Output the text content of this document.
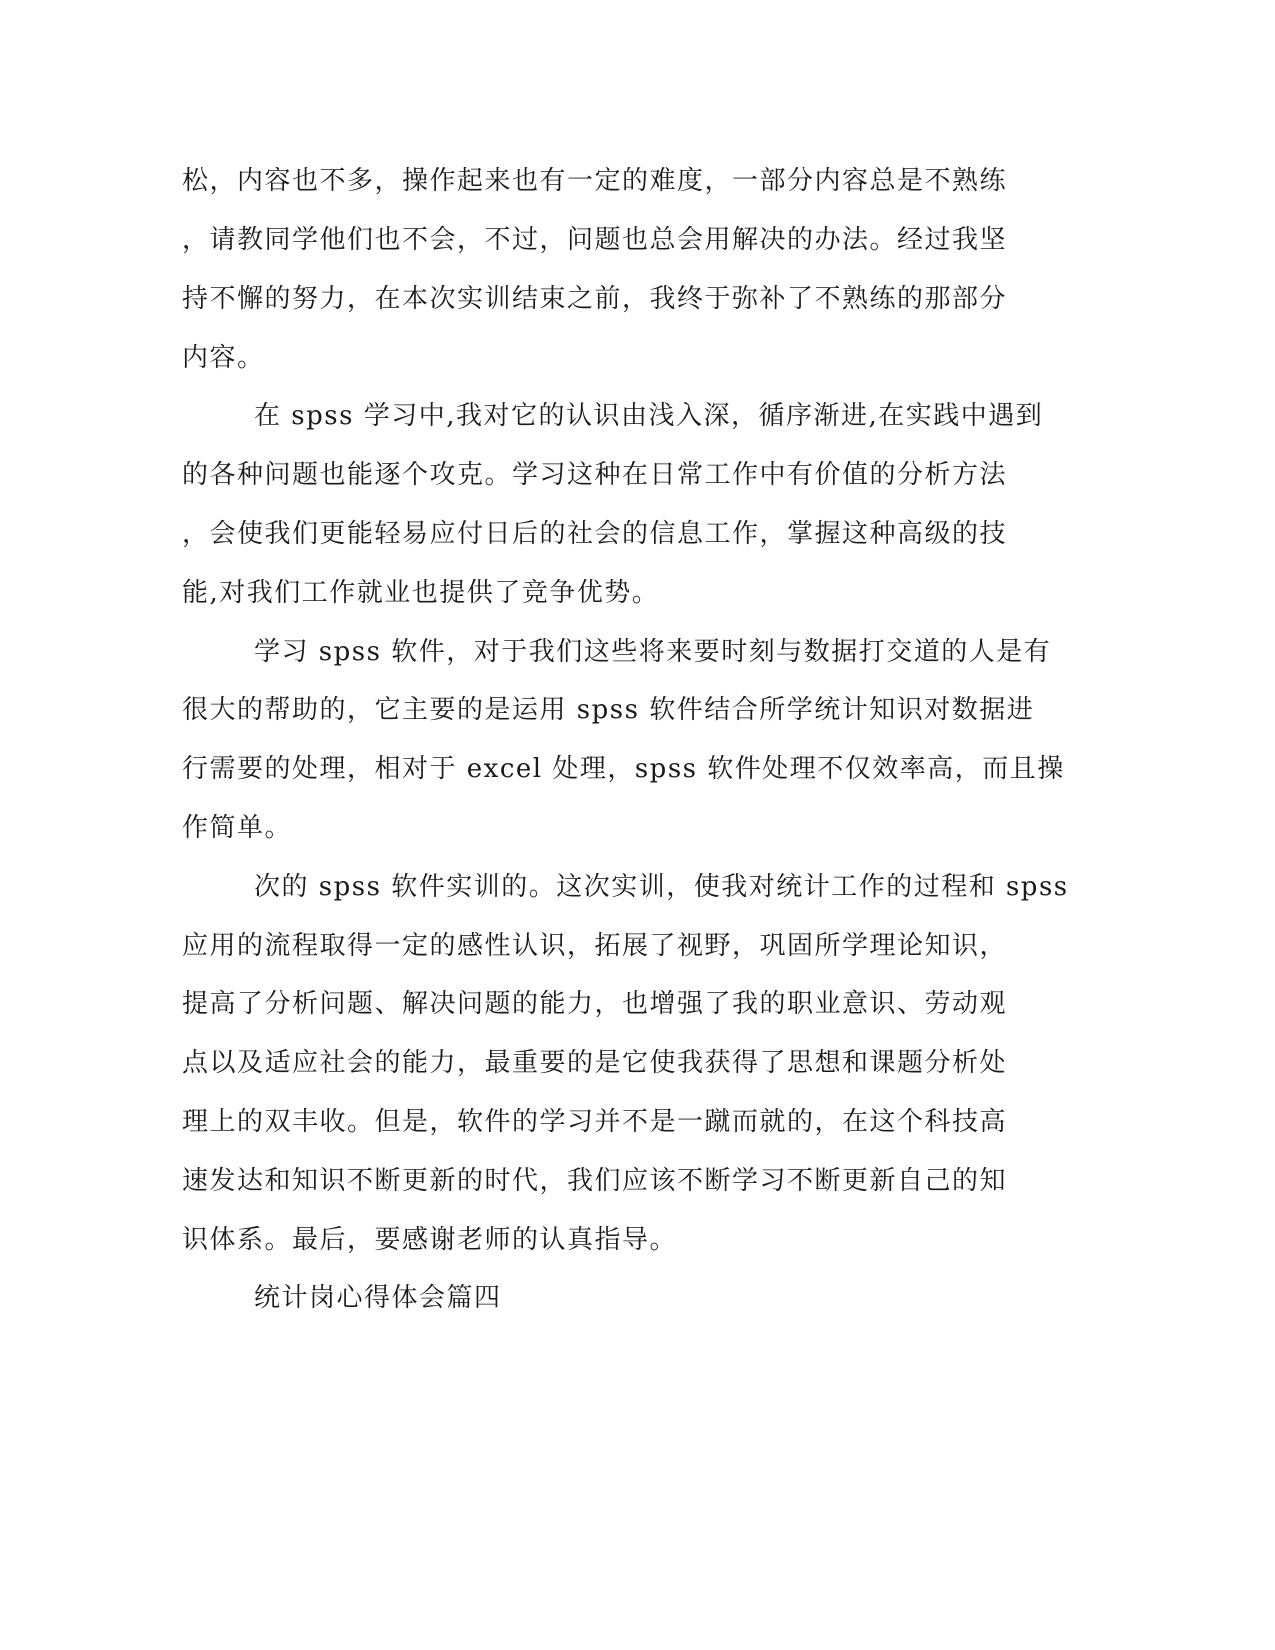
松，内容也不多，操作起来也有一定的难度，一部分内容总是不熟练
，请教同学他们也不会，不过，问题也总会用解决的办法。经过我坚
持不懈的努力，在本次实训结束之前，我终于弥补了不熟练的那部分
内容。
在 spss 学习中,我对它的认识由浅入深，循序渐进,在实践中遇到
的各种问题也能逐个攻克。学习这种在日常工作中有价值的分析方法
，会使我们更能轻易应付日后的社会的信息工作，掌握这种高级的技
能,对我们工作就业也提供了竞争优势。
学习 spss 软件，对于我们这些将来要时刻与数据打交道的人是有
很大的帮助的，它主要的是运用 spss 软件结合所学统计知识对数据进
行需要的处理，相对于 excel 处理，spss 软件处理不仅效率高，而且操
作简单。
次的 spss 软件实训的。这次实训，使我对统计工作的过程和 spss
应用的流程取得一定的感性认识，拓展了视野，巩固所学理论知识，
提高了分析问题、解决问题的能力，也增强了我的职业意识、劳动观
点以及适应社会的能力，最重要的是它使我获得了思想和课题分析处
理上的双丰收。但是，软件的学习并不是一蹴而就的，在这个科技高
速发达和知识不断更新的时代，我们应该不断学习不断更新自己的知
识体系。最后，要感谢老师的认真指导。
统计岗心得体会篇四
